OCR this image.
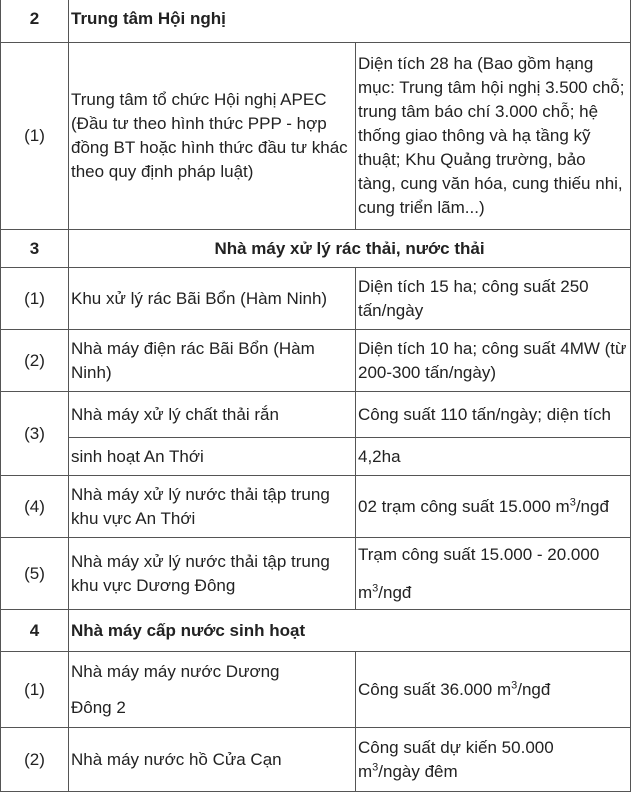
2	Trung tâm Hội nghị	
(1)	Trung tâm tổ chức Hội nghị APEC (Đầu tư theo hình thức PPP - hợp đồng BT hoặc hình thức đầu tư khác theo quy định pháp luật)	Diện tích 28 ha (Bao gồm hạng mục: Trung tâm hội nghị 3.500 chỗ; trung tâm báo chí 3.000 chỗ; hệ thống giao thông và hạ tầng kỹ thuật; Khu Quảng trường, bảo tàng, cung văn hóa, cung thiếu nhi, cung triển lãm...)
3	Nhà máy xử lý rác thải, nước thải	
(1)	Khu xử lý rác Bãi Bổn (Hàm Ninh)	Diện tích 15 ha; công suất 250 tấn/ngày
(2)	Nhà máy điện rác Bãi Bổn (Hàm Ninh)	Diện tích 10 ha; công suất 4MW (từ 200-300 tấn/ngày)
(3)	Nhà máy xử lý chất thải rắn	Công suất 110 tấn/ngày; diện tích
	sinh hoạt An Thới	4,2ha
(4)	Nhà máy xử lý nước thải tập trung khu vực An Thới	02 trạm công suất 15.000 $m^3$/ngđ
(5)	Nhà máy xử lý nước thải tập trung khu vực Dương Đông	Trạm công suất 15.000 - 20.000
$m^3$/ngđ
4	Nhà máy cấp nước sinh hoạt	
(1)	Nhà máy máy nước Dương
Đông 2	Công suất 36.000 $m^3$/ngđ
(2)	Nhà máy nước hồ Cửa Cạn	Công suất dự kiến 50.000
$m^3$/ngày đêm
